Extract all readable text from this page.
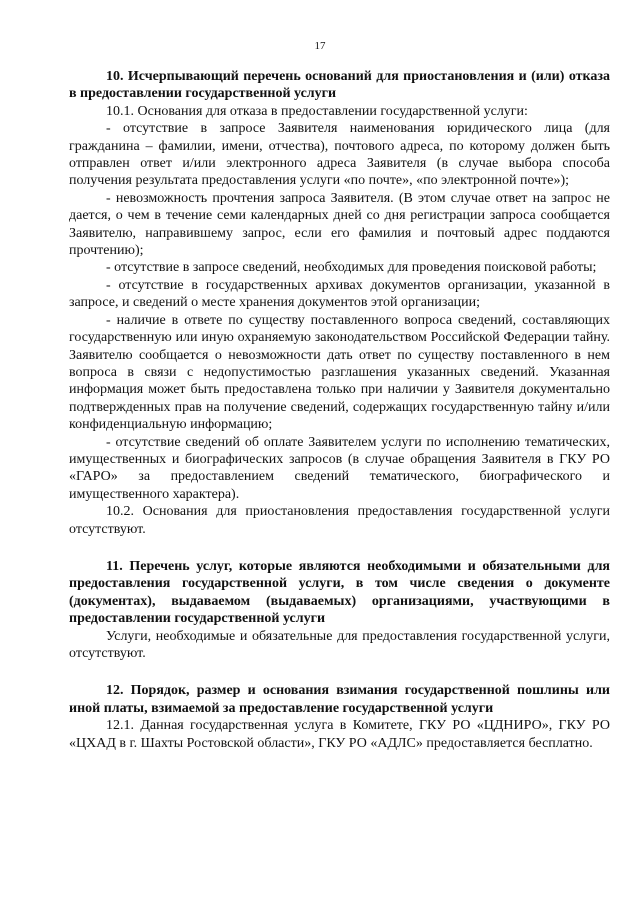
17

10. Исчерпывающий перечень оснований для приостановления и (или) отказа в предоставлении государственной услуги

10.1. Основания для отказа в предоставлении государственной услуги:

- отсутствие в запросе Заявителя наименования юридического лица (для гражданина – фамилии, имени, отчества), почтового адреса, по которому должен быть отправлен ответ и/или электронного адреса Заявителя (в случае выбора способа получения результата предоставления услуги «по почте», «по электронной почте»);

- невозможность прочтения запроса Заявителя. (В этом случае ответ на запрос не дается, о чем в течение семи календарных дней со дня регистрации запроса сообщается Заявителю, направившему запрос, если его фамилия и почтовый адрес поддаются прочтению);

- отсутствие в запросе сведений, необходимых для проведения поисковой работы;

- отсутствие в государственных архивах документов организации, указанной в запросе, и сведений о месте хранения документов этой организации;

- наличие в ответе по существу поставленного вопроса сведений, составляющих государственную или иную охраняемую законодательством Российской Федерации тайну. Заявителю сообщается о невозможности дать ответ по существу поставленного в нем вопроса в связи с недопустимостью разглашения указанных сведений. Указанная информация может быть предоставлена только при наличии у Заявителя документально подтвержденных прав на получение сведений, содержащих государственную тайну и/или конфиденциальную информацию;

- отсутствие сведений об оплате Заявителем услуги по исполнению тематических, имущественных и биографических запросов (в случае обращения Заявителя в ГКУ РО «ГАРО» за предоставлением сведений тематического, биографического и имущественного характера).

10.2. Основания для приостановления предоставления государственной услуги отсутствуют.

11. Перечень услуг, которые являются необходимыми и обязательными для предоставления государственной услуги, в том числе сведения о документе (документах), выдаваемом (выдаваемых) организациями, участвующими в предоставлении государственной услуги

Услуги, необходимые и обязательные для предоставления государственной услуги, отсутствуют.

12. Порядок, размер и основания взимания государственной пошлины или иной платы, взимаемой за предоставление государственной услуги

12.1. Данная государственная услуга в Комитете, ГКУ РО «ЦДНИРО», ГКУ РО «ЦХАД в г. Шахты Ростовской области», ГКУ РО «АДЛС» предоставляется бесплатно.
